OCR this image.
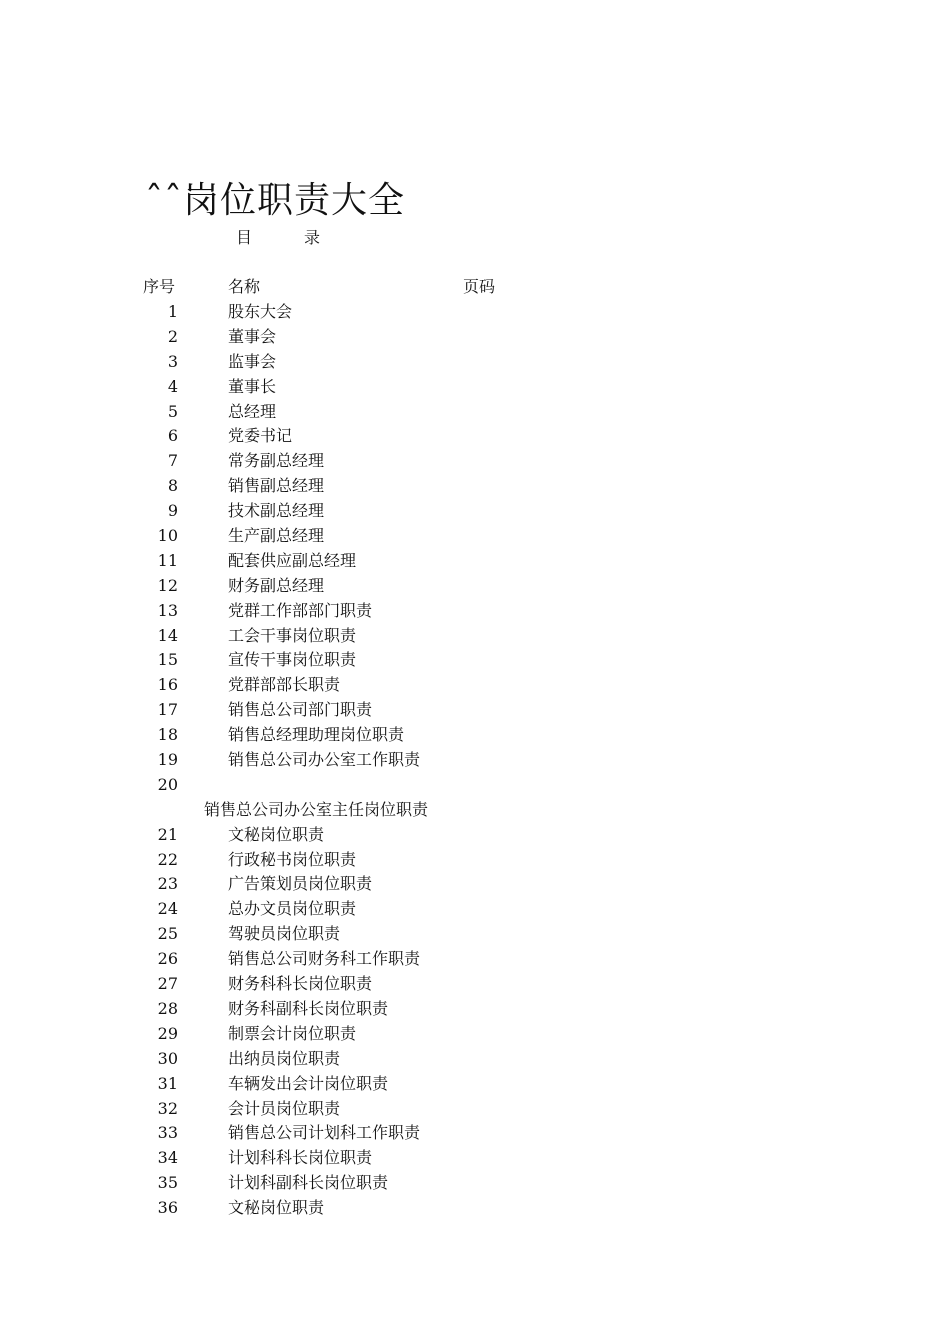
ˆˆ岗位职责大全
目	录
序号	名称	页码
1	股东大会
2	董事会
3	监事会
4	董事长
5	总经理
6	党委书记
7	常务副总经理
8	销售副总经理
9	技术副总经理
10	生产副总经理
11	配套供应副总经理
12	财务副总经理
13	党群工作部部门职责
14	工会干事岗位职责
15	宣传干事岗位职责
16	党群部部长职责
17	销售总公司部门职责
18	销售总经理助理岗位职责
19	销售总公司办公室工作职责
20
销售总公司办公室主任岗位职责
21	文秘岗位职责
22	行政秘书岗位职责
23	广告策划员岗位职责
24	总办文员岗位职责
25	驾驶员岗位职责
26	销售总公司财务科工作职责
27	财务科科长岗位职责
28	财务科副科长岗位职责
29	制票会计岗位职责
30	出纳员岗位职责
31	车辆发出会计岗位职责
32	会计员岗位职责
33	销售总公司计划科工作职责
34	计划科科长岗位职责
35	计划科副科长岗位职责
36	文秘岗位职责
